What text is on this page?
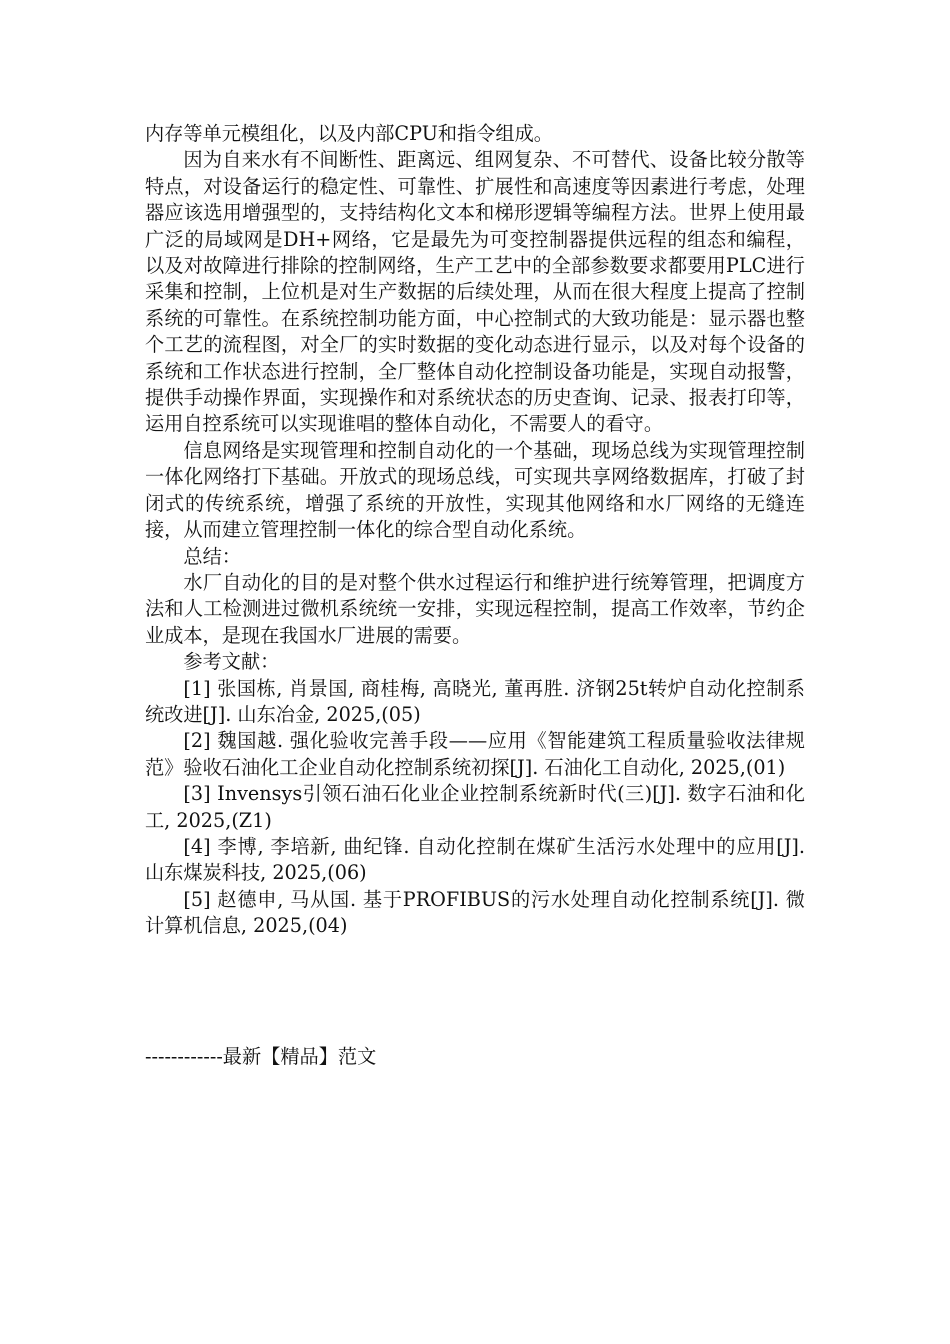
内存等单元模组化，以及内部CPU和指令组成。

因为自来水有不间断性、距离远、组网复杂、不可替代、设备比较分散等特点，对设备运行的稳定性、可靠性、扩展性和高速度等因素进行考虑，处理器应该选用增强型的，支持结构化文本和梯形逻辑等编程方法。世界上使用最广泛的局域网是DH+网络，它是最先为可变控制器提供远程的组态和编程，以及对故障进行排除的控制网络，生产工艺中的全部参数要求都要用PLC进行采集和控制，上位机是对生产数据的后续处理，从而在很大程度上提高了控制系统的可靠性。在系统控制功能方面，中心控制式的大致功能是：显示器也整个工艺的流程图，对全厂的实时数据的变化动态进行显示，以及对每个设备的系统和工作状态进行控制，全厂整体自动化控制设备功能是，实现自动报警，提供手动操作界面，实现操作和对系统状态的历史查询、记录、报表打印等，运用自控系统可以实现谁唱的整体自动化，不需要人的看守。

信息网络是实现管理和控制自动化的一个基础，现场总线为实现管理控制一体化网络打下基础。开放式的现场总线，可实现共享网络数据库，打破了封闭式的传统系统，增强了系统的开放性，实现其他网络和水厂网络的无缝连接，从而建立管理控制一体化的综合型自动化系统。

总结：

水厂自动化的目的是对整个供水过程运行和维护进行统筹管理，把调度方法和人工检测进过微机系统统一安排，实现远程控制，提高工作效率，节约企业成本，是现在我国水厂进展的需要。

参考文献：

[1] 张国栋, 肖景国, 商桂梅, 高晓光, 董再胜. 济钢25t转炉自动化控制系统改进[J]. 山东冶金, 2025,(05)

[2] 魏国越. 强化验收完善手段——应用《智能建筑工程质量验收法律规范》验收石油化工企业自动化控制系统初探[J]. 石油化工自动化, 2025,(01)

[3] Invensys引领石油石化业企业控制系统新时代(三)[J]. 数字石油和化工, 2025,(Z1)

[4] 李博, 李培新, 曲纪锋. 自动化控制在煤矿生活污水处理中的应用[J]. 山东煤炭科技, 2025,(06)

[5] 赵德申, 马从国. 基于PROFIBUS的污水处理自动化控制系统[J]. 微计算机信息, 2025,(04)

------------最新【精品】范文
